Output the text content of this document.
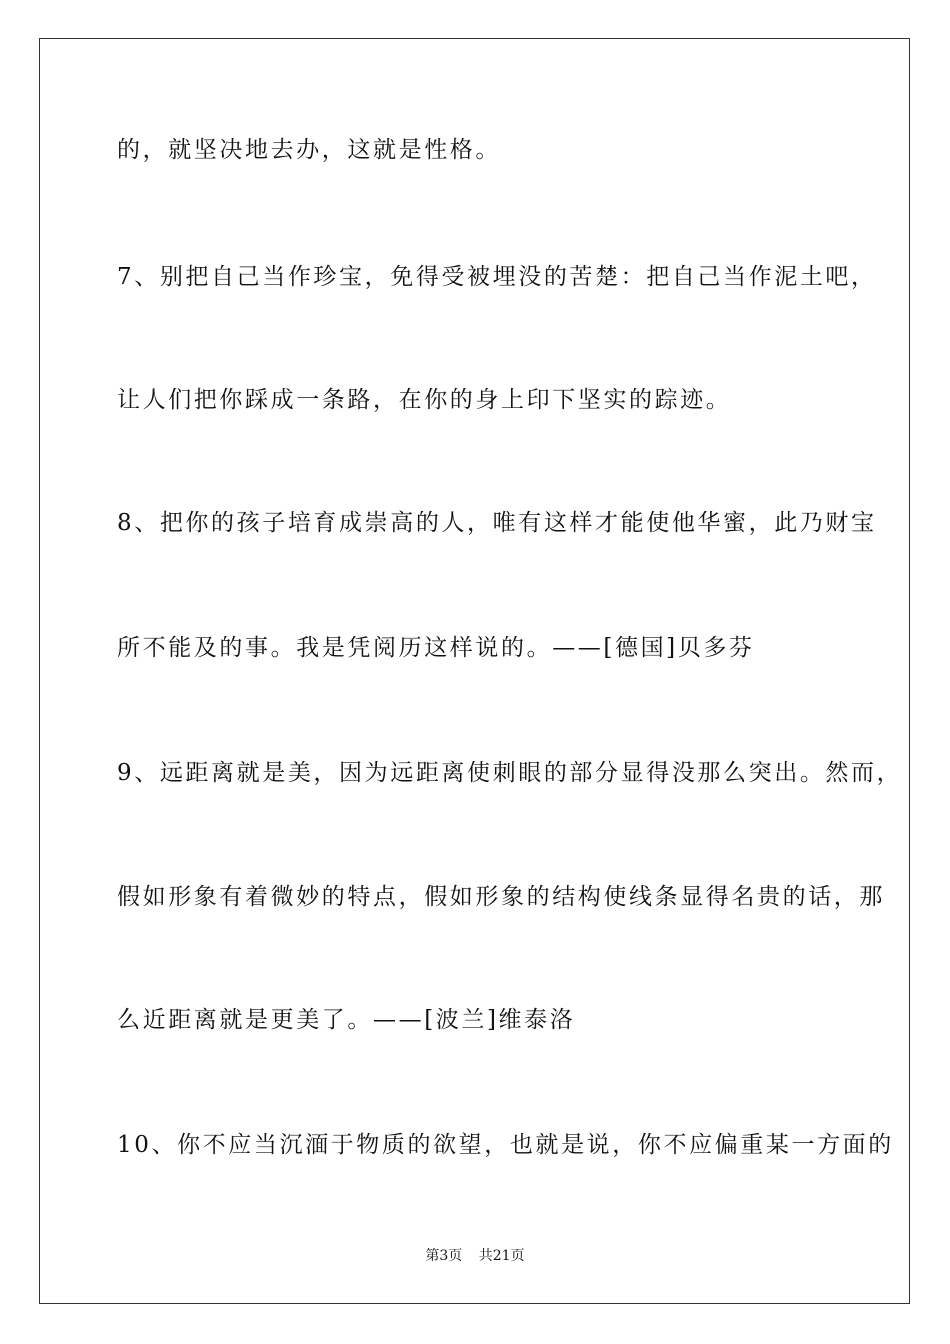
的，就坚决地去办，这就是性格。
7、别把自己当作珍宝，免得受被埋没的苦楚：把自己当作泥土吧，
让人们把你踩成一条路，在你的身上印下坚实的踪迹。
8、把你的孩子培育成崇高的人，唯有这样才能使他华蜜，此乃财宝
所不能及的事。我是凭阅历这样说的。——[德国]贝多芬
9、远距离就是美，因为远距离使刺眼的部分显得没那么突出。然而，
假如形象有着微妙的特点，假如形象的结构使线条显得名贵的话，那
么近距离就是更美了。——[波兰]维泰洛
10、你不应当沉湎于物质的欲望，也就是说，你不应偏重某一方面的
第3页 共21页
